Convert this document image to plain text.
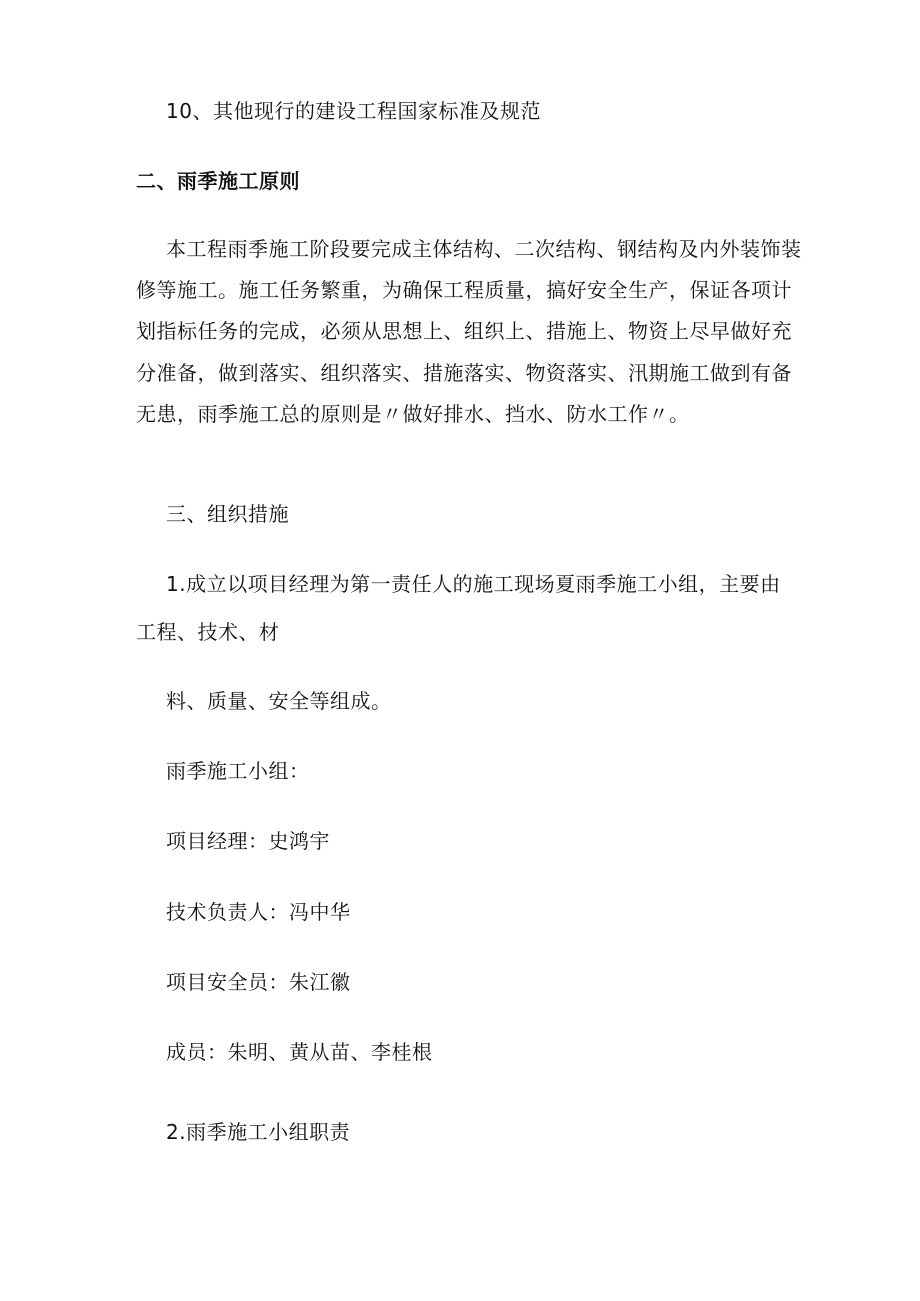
10、其他现行的建设工程国家标准及规范
二、雨季施工原则
本工程雨季施工阶段要完成主体结构、二次结构、钢结构及内外装饰装
修等施工。施工任务繁重，为确保工程质量，搞好安全生产，保证各项计
划指标任务的完成，必须从思想上、组织上、措施上、物资上尽早做好充
分准备，做到落实、组织落实、措施落实、物资落实、汛期施工做到有备
无患，雨季施工总的原则是〃做好排水、挡水、防水工作〃。
三、组织措施
1.成立以项目经理为第一责任人的施工现场夏雨季施工小组，主要由
工程、技术、材
料、质量、安全等组成。
雨季施工小组：
项目经理：史鸿宇
技术负责人：冯中华
项目安全员：朱江徽
成员：朱明、黄从苗、李桂根
2.雨季施工小组职责
